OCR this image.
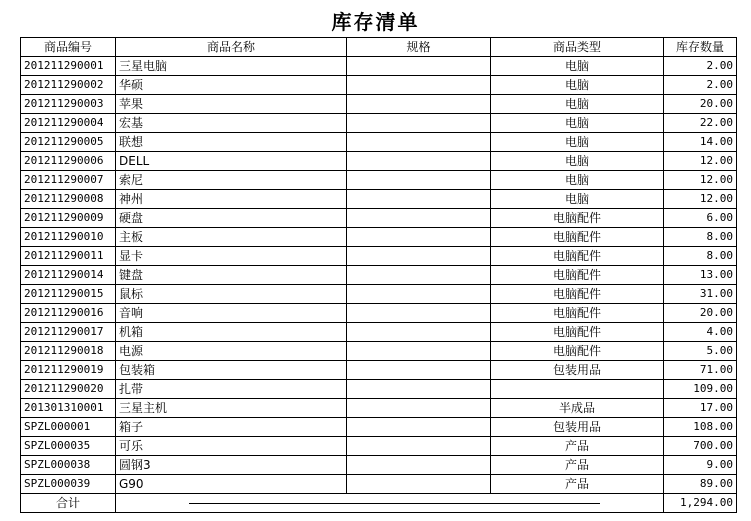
库存清单
商品编号	商品名称	规格	商品类型	库存数量
201211290001	三星电脑		电脑	2.00
201211290002	华硕		电脑	2.00
201211290003	苹果		电脑	20.00
201211290004	宏基		电脑	22.00
201211290005	联想		电脑	14.00
201211290006	DELL		电脑	12.00
201211290007	索尼		电脑	12.00
201211290008	神州		电脑	12.00
201211290009	硬盘		电脑配件	6.00
201211290010	主板		电脑配件	8.00
201211290011	显卡		电脑配件	8.00
201211290014	键盘		电脑配件	13.00
201211290015	鼠标		电脑配件	31.00
201211290016	音响		电脑配件	20.00
201211290017	机箱		电脑配件	4.00
201211290018	电源		电脑配件	5.00
201211290019	包装箱		包装用品	71.00
201211290020	扎带			109.00
201301310001	三星主机		半成品	17.00
SPZL000001	箱子		包装用品	108.00
SPZL000035	可乐		产品	700.00
SPZL000038	圆钢3		产品	9.00
SPZL000039	G90		产品	89.00
合计				1,294.00
